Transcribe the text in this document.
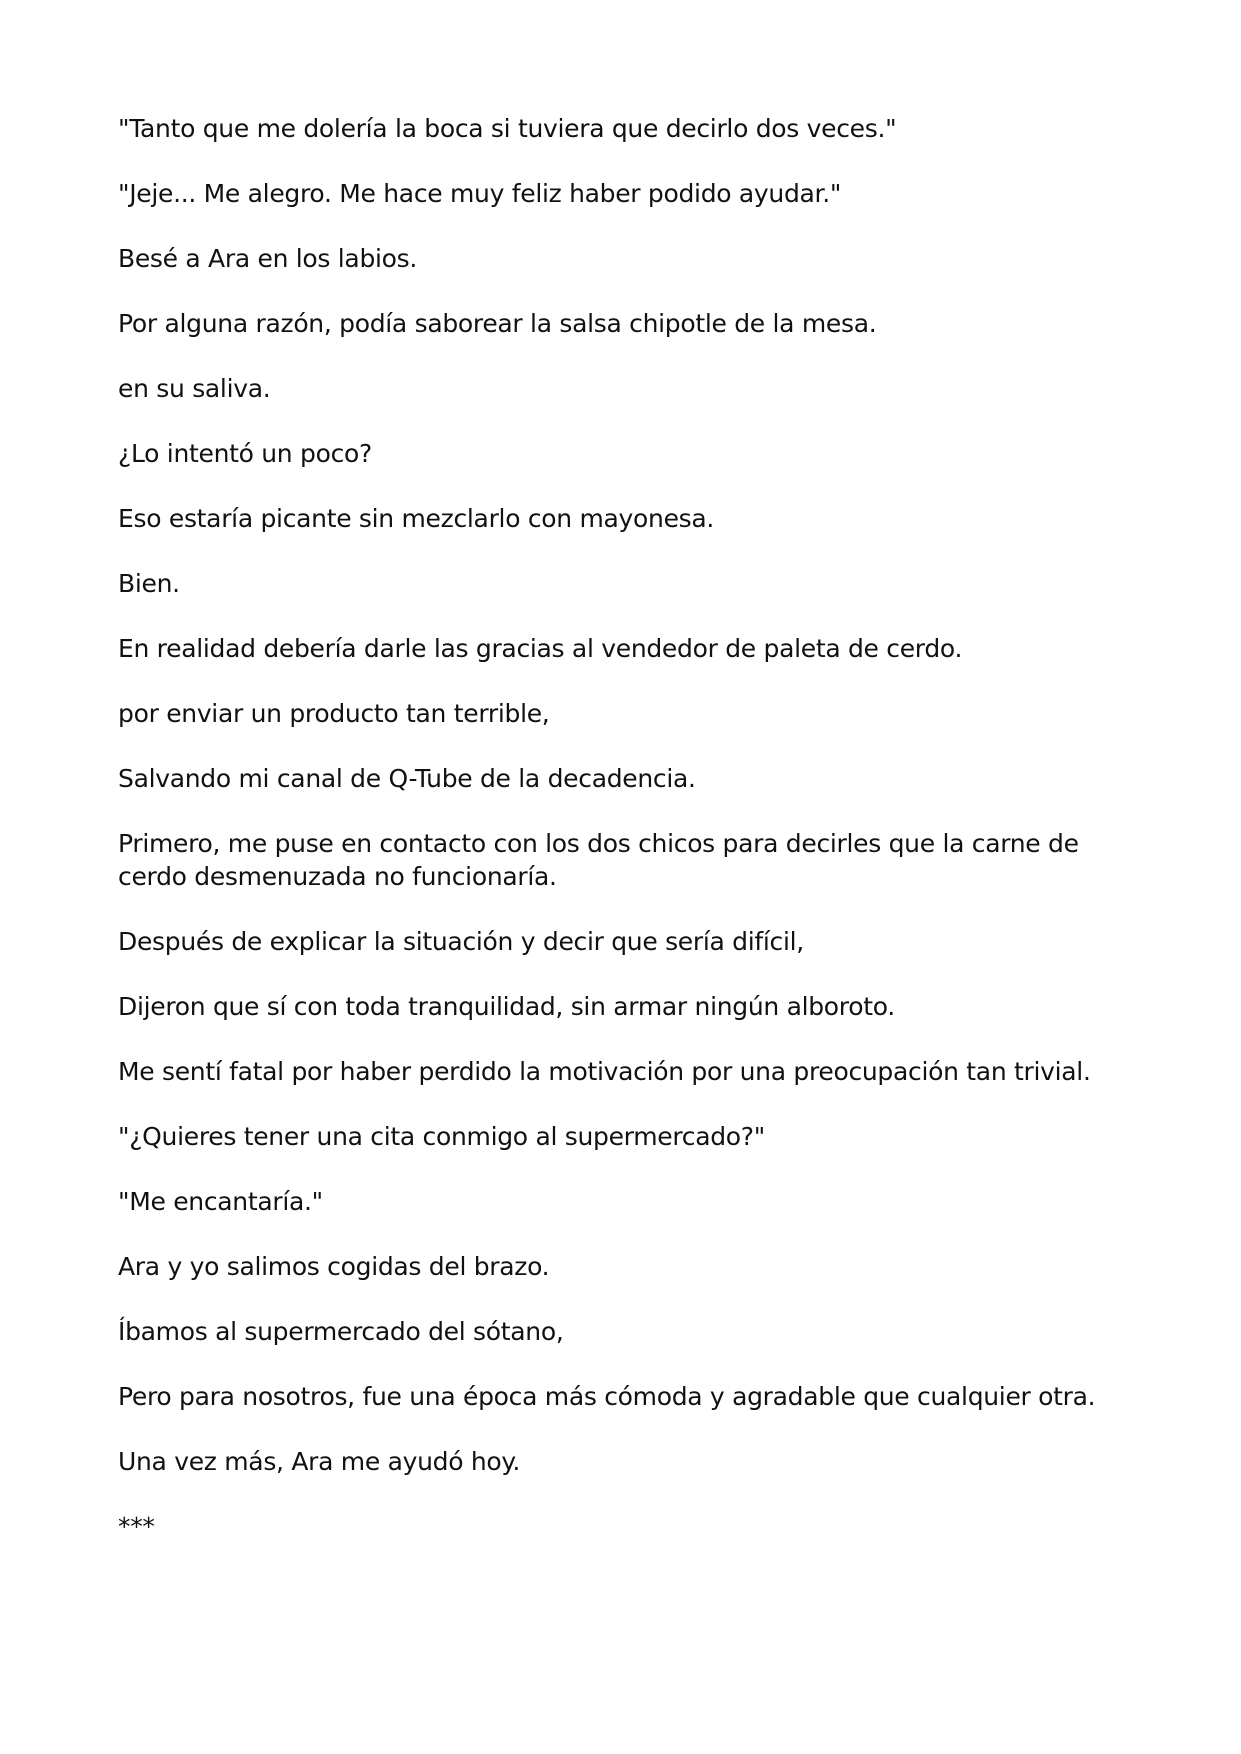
"Tanto que me dolería la boca si tuviera que decirlo dos veces."

"Jeje... Me alegro. Me hace muy feliz haber podido ayudar."

Besé a Ara en los labios.

Por alguna razón, podía saborear la salsa chipotle de la mesa.

en su saliva.

¿Lo intentó un poco?

Eso estaría picante sin mezclarlo con mayonesa.

Bien.

En realidad debería darle las gracias al vendedor de paleta de cerdo.

por enviar un producto tan terrible,

Salvando mi canal de Q-Tube de la decadencia.

Primero, me puse en contacto con los dos chicos para decirles que la carne de cerdo desmenuzada no funcionaría.

Después de explicar la situación y decir que sería difícil,

Dijeron que sí con toda tranquilidad, sin armar ningún alboroto.

Me sentí fatal por haber perdido la motivación por una preocupación tan trivial.

"¿Quieres tener una cita conmigo al supermercado?"

"Me encantaría."

Ara y yo salimos cogidas del brazo.

Íbamos al supermercado del sótano,

Pero para nosotros, fue una época más cómoda y agradable que cualquier otra.

Una vez más, Ara me ayudó hoy.

***
